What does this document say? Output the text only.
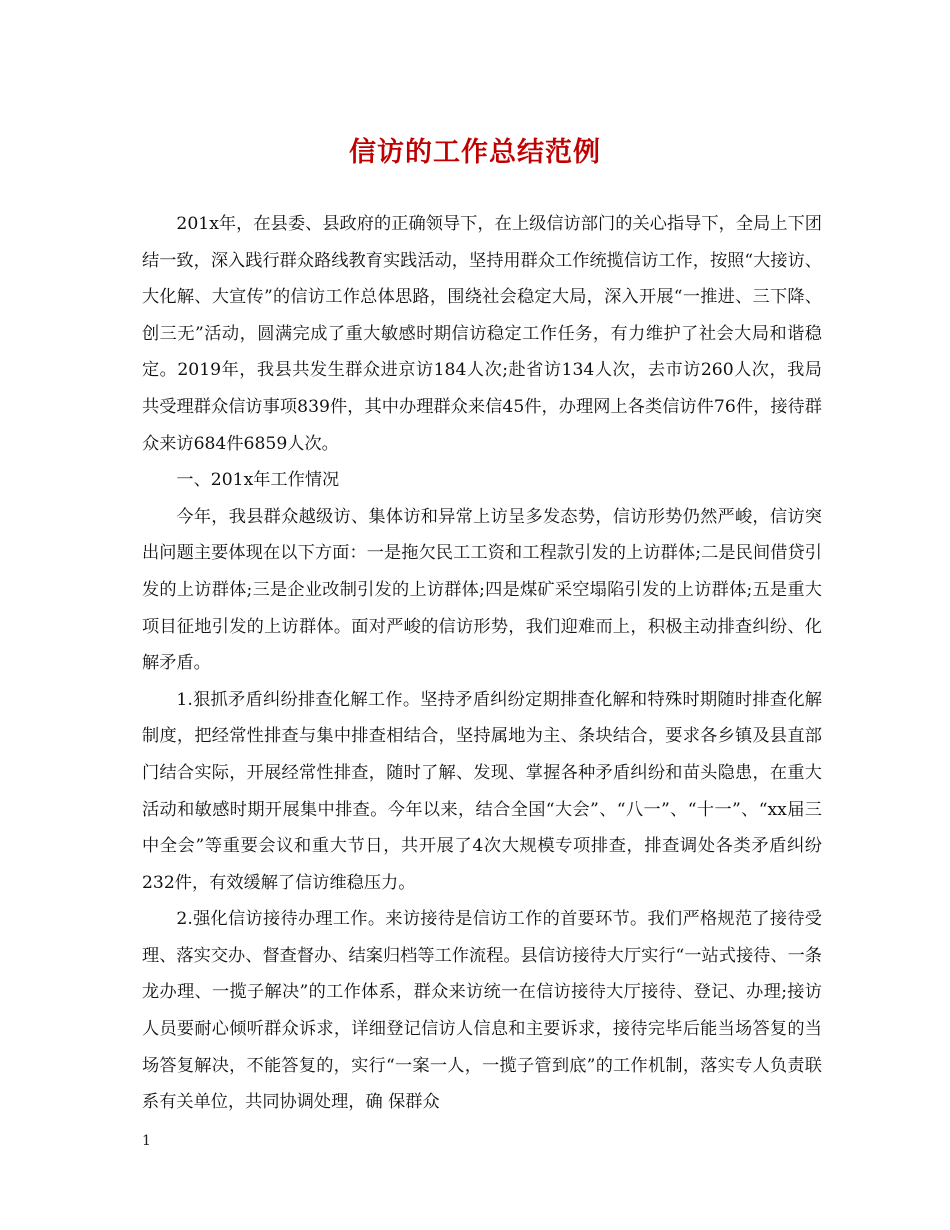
信访的工作总结范例

201x年，在县委、县政府的正确领导下，在上级信访部门的关心指导下，全局上下团结一致，深入践行群众路线教育实践活动，坚持用群众工作统揽信访工作，按照“大接访、大化解、大宣传”的信访工作总体思路，围绕社会稳定大局，深入开展“一推进、三下降、创三无”活动，圆满完成了重大敏感时期信访稳定工作任务，有力维护了社会大局和谐稳定。2019年，我县共发生群众进京访184人次;赴省访134人次，去市访260人次，我局共受理群众信访事项839件，其中办理群众来信45件，办理网上各类信访件76件，接待群众来访684件6859人次。

一、201x年工作情况

今年，我县群众越级访、集体访和异常上访呈多发态势，信访形势仍然严峻，信访突出问题主要体现在以下方面：一是拖欠民工工资和工程款引发的上访群体;二是民间借贷引发的上访群体;三是企业改制引发的上访群体;四是煤矿采空塌陷引发的上访群体;五是重大项目征地引发的上访群体。面对严峻的信访形势，我们迎难而上，积极主动排查纠纷、化解矛盾。

1.狠抓矛盾纠纷排查化解工作。坚持矛盾纠纷定期排查化解和特殊时期随时排查化解制度，把经常性排查与集中排查相结合，坚持属地为主、条块结合，要求各乡镇及县直部门结合实际，开展经常性排查，随时了解、发现、掌握各种矛盾纠纷和苗头隐患，在重大活动和敏感时期开展集中排查。今年以来，结合全国“大会”、“八一”、“十一”、“xx届三中全会”等重要会议和重大节日，共开展了4次大规模专项排查，排查调处各类矛盾纠纷232件，有效缓解了信访维稳压力。

2.强化信访接待办理工作。来访接待是信访工作的首要环节。我们严格规范了接待受理、落实交办、督查督办、结案归档等工作流程。县信访接待大厅实行“一站式接待、一条龙办理、一揽子解决”的工作体系，群众来访统一在信访接待大厅接待、登记、办理;接访人员要耐心倾听群众诉求，详细登记信访人信息和主要诉求，接待完毕后能当场答复的当场答复解决，不能答复的，实行“一案一人，一揽子管到底”的工作机制，落实专人负责联系有关单位，共同协调处理，确 保群众

1
